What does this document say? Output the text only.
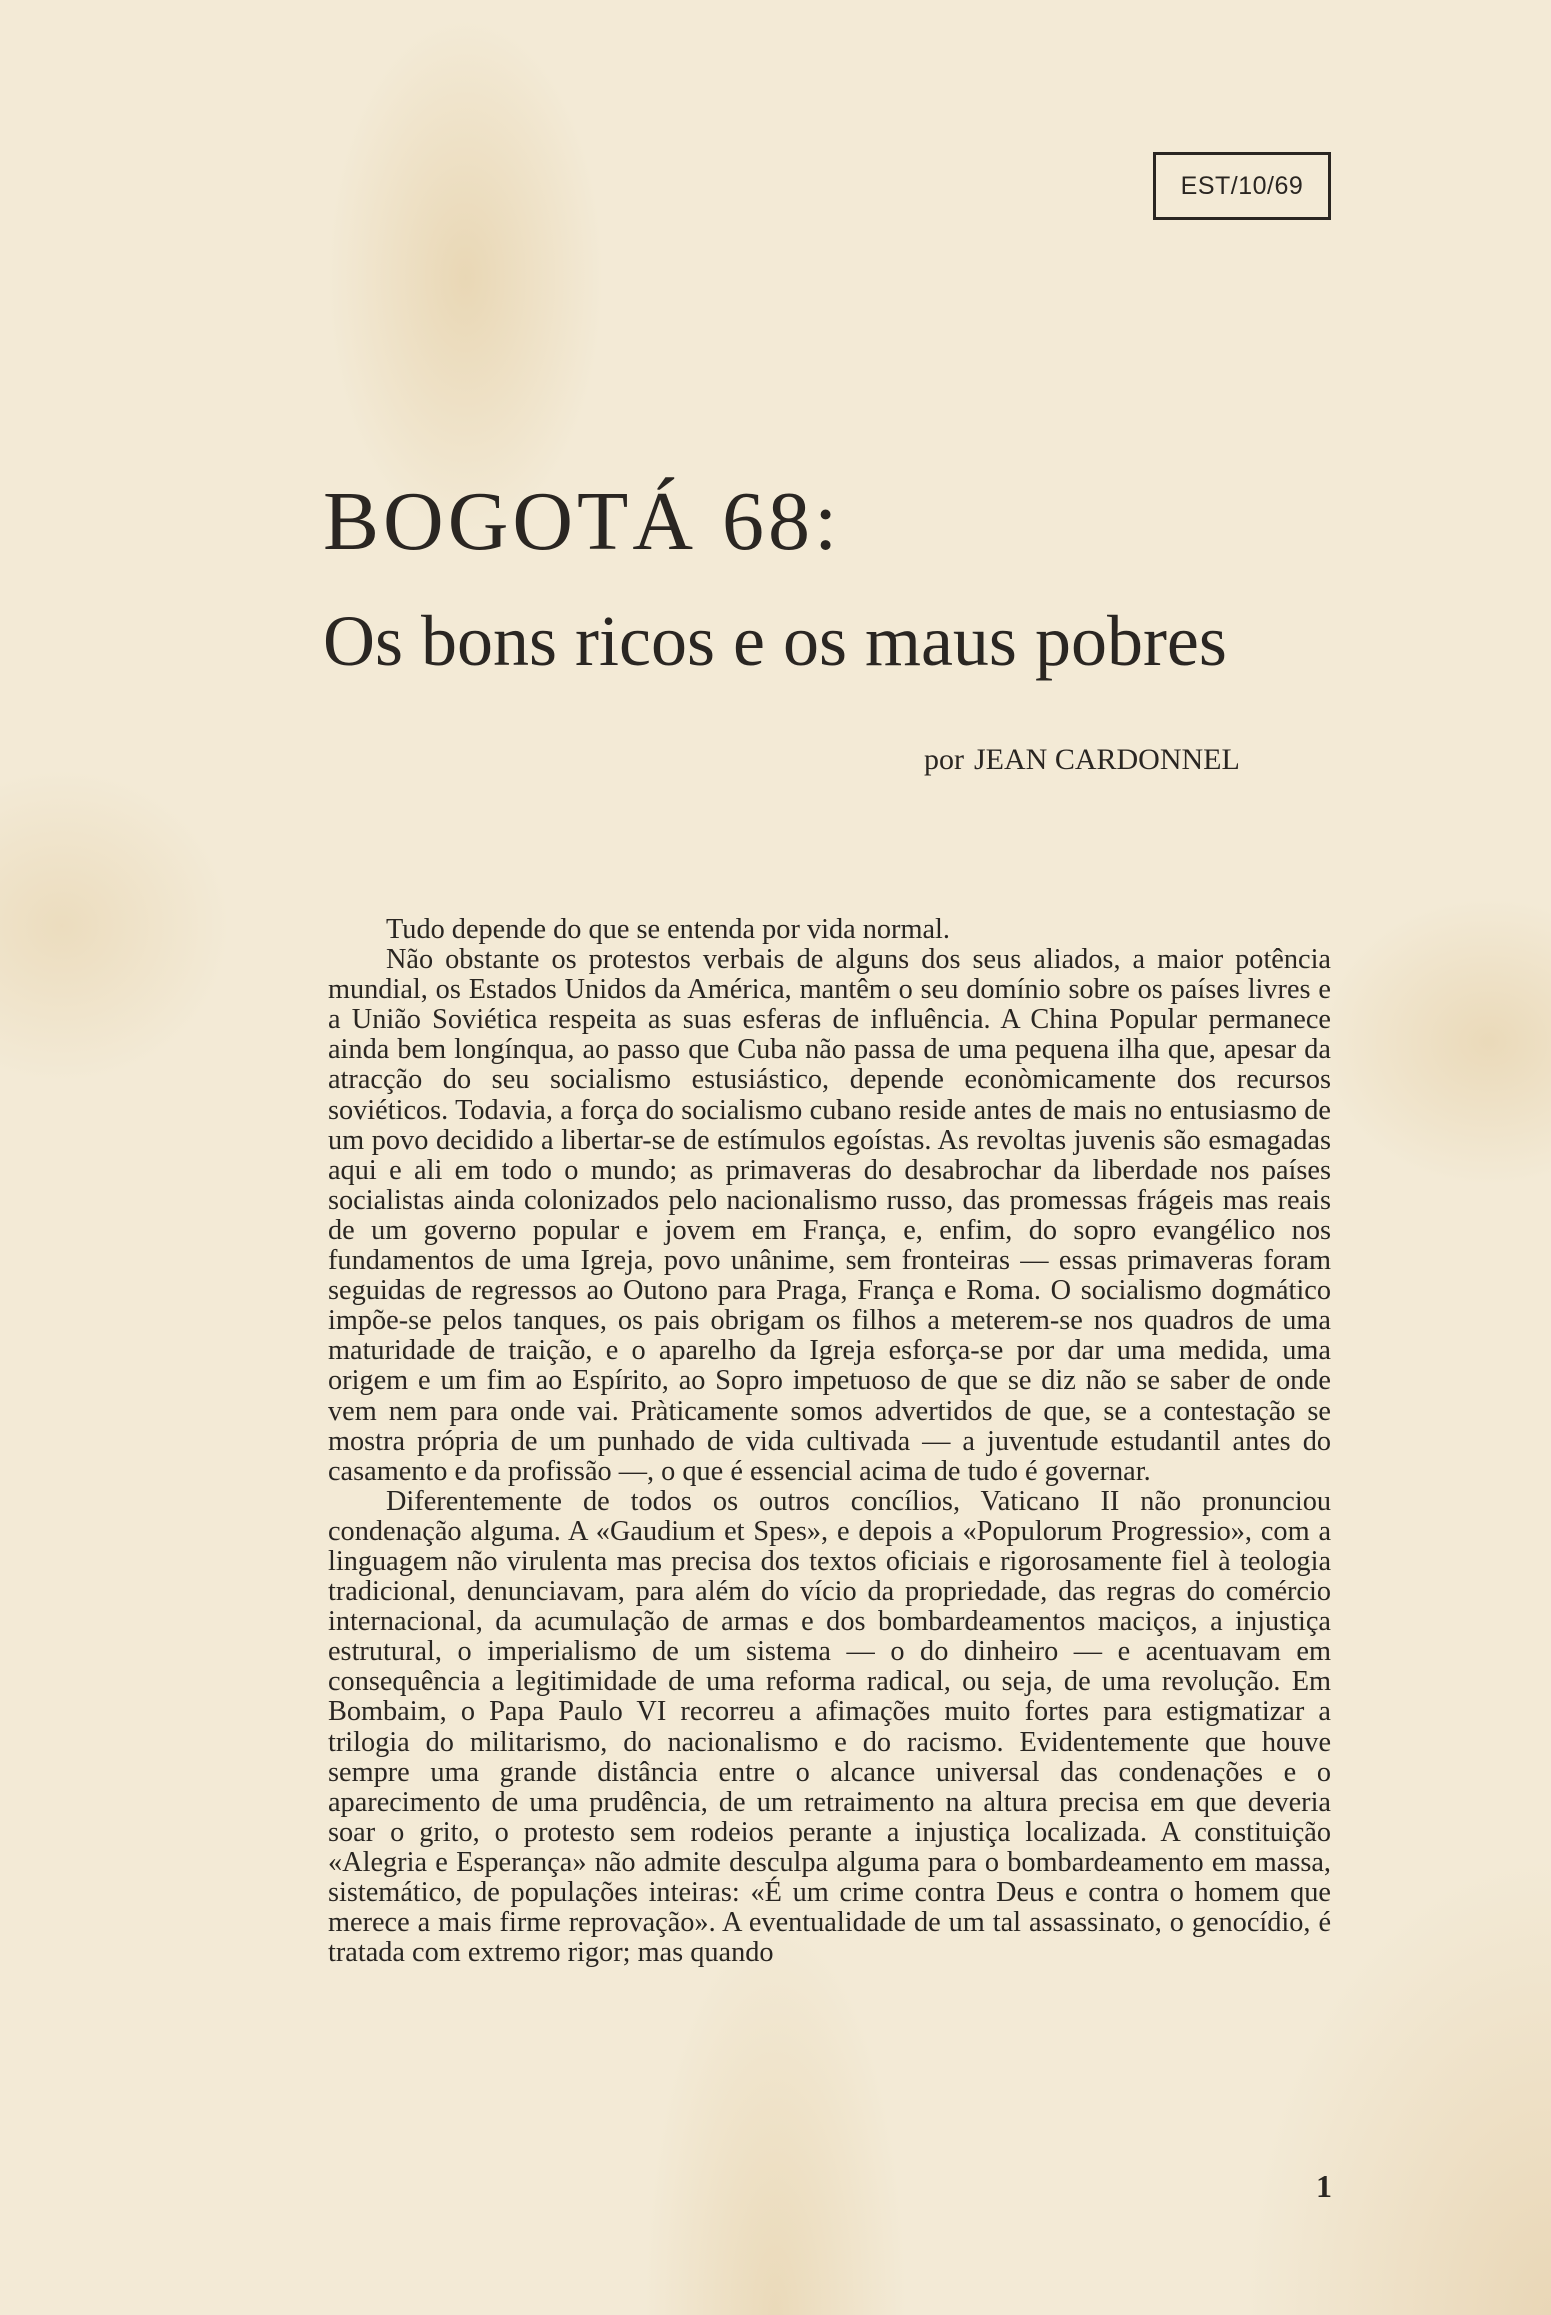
EST/10/69
BOGOTÁ 68:
Os bons ricos e os maus pobres
por JEAN CARDONNEL

Tudo depende do que se entenda por vida normal.

Não obstante os protestos verbais de alguns dos seus aliados, a maior potência mundial, os Estados Unidos da América, mantêm o seu domínio sobre os países livres e a União Soviética respeita as suas esferas de influência. A China Popular permanece ainda bem longínqua, ao passo que Cuba não passa de uma pequena ilha que, apesar da atracção do seu socialismo estusiástico, depende econòmicamente dos recursos soviéticos. Todavia, a força do socialismo cubano reside antes de mais no entusiasmo de um povo decidido a libertar-se de estímulos egoístas. As revoltas juvenis são esmagadas aqui e ali em todo o mundo; as primaveras do desabrochar da liberdade nos países socialistas ainda colonizados pelo nacionalismo russo, das promessas frágeis mas reais de um governo popular e jovem em França, e, enfim, do sopro evangélico nos fundamentos de uma Igreja, povo unânime, sem fronteiras — essas primaveras foram seguidas de regressos ao Outono para Praga, França e Roma. O socialismo dogmático impõe-se pelos tanques, os pais obrigam os filhos a meterem-se nos quadros de uma maturidade de traição, e o aparelho da Igreja esforça-se por dar uma medida, uma origem e um fim ao Espírito, ao Sopro impetuoso de que se diz não se saber de onde vem nem para onde vai. Pràticamente somos advertidos de que, se a contestação se mostra própria de um punhado de vida cultivada — a juventude estudantil antes do casamento e da profissão —, o que é essencial acima de tudo é governar.

Diferentemente de todos os outros concílios, Vaticano II não pronunciou condenação alguma. A «Gaudium et Spes», e depois a «Populorum Progressio», com a linguagem não virulenta mas precisa dos textos oficiais e rigorosamente fiel à teologia tradicional, denunciavam, para além do vício da propriedade, das regras do comércio internacional, da acumulação de armas e dos bombardeamentos maciços, a injustiça estrutural, o imperialismo de um sistema — o do dinheiro — e acentuavam em consequência a legitimidade de uma reforma radical, ou seja, de uma revolução. Em Bombaim, o Papa Paulo VI recorreu a afimações muito fortes para estigmatizar a trilogia do militarismo, do nacionalismo e do racismo. Evidentemente que houve sempre uma grande distância entre o alcance universal das condenações e o aparecimento de uma prudência, de um retraimento na altura precisa em que deveria soar o grito, o protesto sem rodeios perante a injustiça localizada. A constituição «Alegria e Esperança» não admite desculpa alguma para o bombardeamento em massa, sistemático, de populações inteiras: «É um crime contra Deus e contra o homem que merece a mais firme reprovação». A eventualidade de um tal assassinato, o genocídio, é tratada com extremo rigor; mas quando

1
